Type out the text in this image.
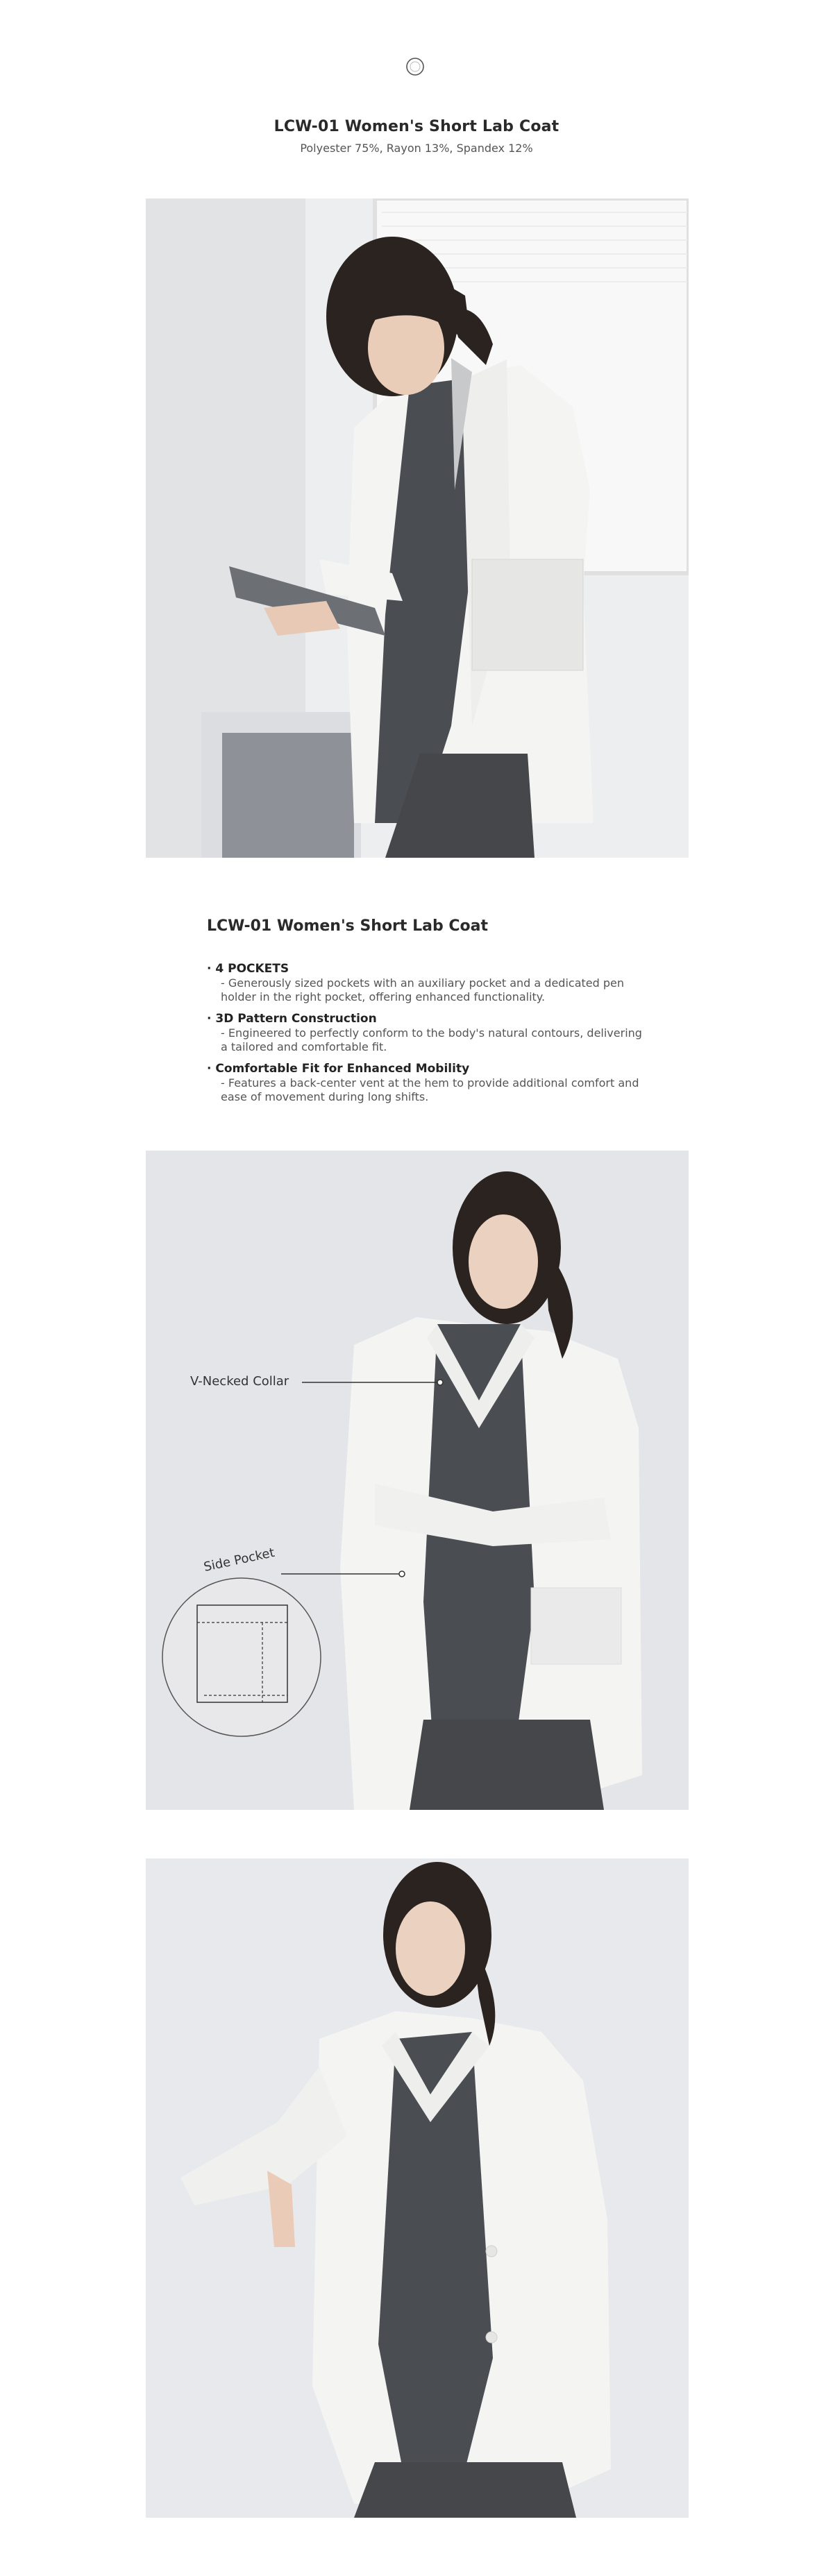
LCW-01 Women's Short Lab Coat
Polyester 75%, Rayon 13%, Spandex 12%
LCW-01 Women's Short Lab Coat
· 4 POCKETS
- Generously sized pockets with an auxiliary pocket and a dedicated pen holder in the right pocket, offering enhanced functionality.
· 3D Pattern Construction
- Engineered to perfectly conform to the body's natural contours, delivering a tailored and comfortable fit.
· Comfortable Fit for Enhanced Mobility
- Features a back-center vent at the hem to provide additional comfort and ease of movement during long shifts.
V-Necked Collar
Side Pocket
